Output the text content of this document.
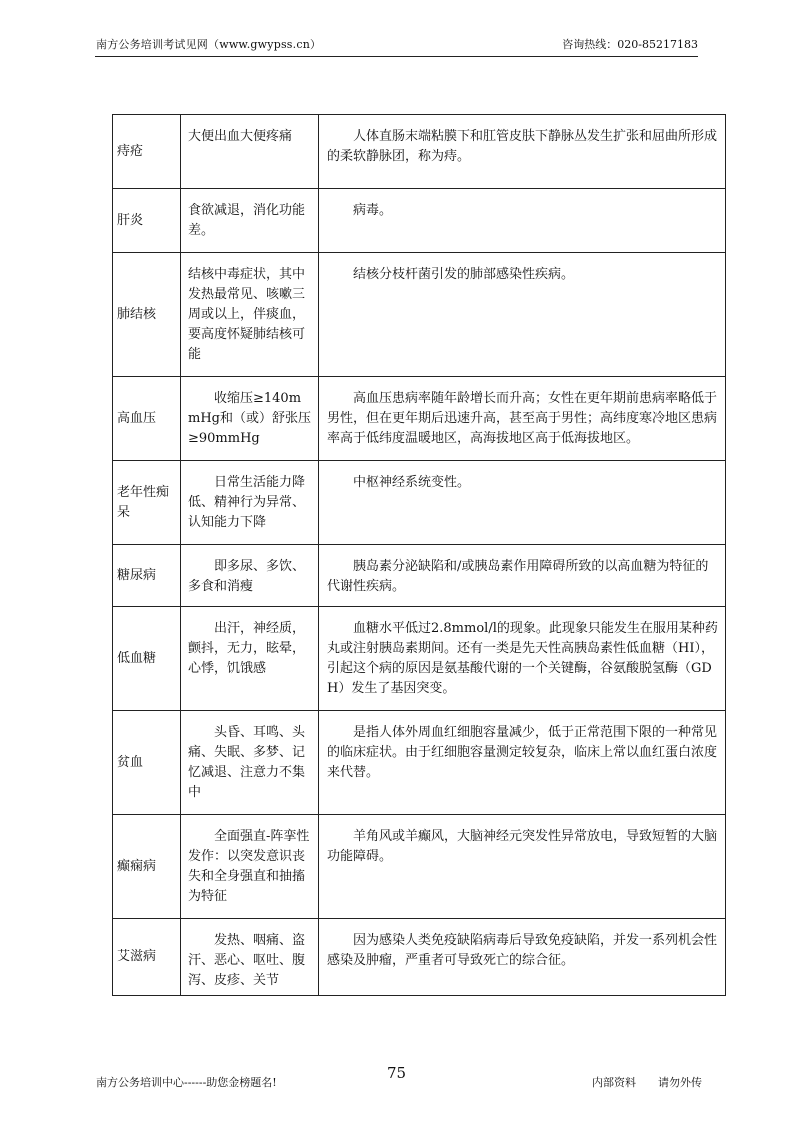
南方公务培训考试见网（www.gwypss.cn）	咨询热线：020-85217183
痔疮	大便出血大便疼痛	人体直肠末端粘膜下和肛管皮肤下静脉丛发生扩张和屈曲所形成的柔软静脉团，称为痔。
肝炎	食欲减退，消化功能差。	病毒。
肺结核	结核中毒症状，其中发热最常见、咳嗽三周或以上，伴痰血，要高度怀疑肺结核可能	结核分枝杆菌引发的肺部感染性疾病。
高血压	收缩压≥140mmHg和（或）舒张压≥90mmHg	高血压患病率随年龄增长而升高；女性在更年期前患病率略低于男性，但在更年期后迅速升高，甚至高于男性；高纬度寒冷地区患病率高于低纬度温暖地区，高海拔地区高于低海拔地区。
老年性痴呆	日常生活能力降低、精神行为异常、认知能力下降	中枢神经系统变性。
糖尿病	即多尿、多饮、多食和消瘦	胰岛素分泌缺陷和/或胰岛素作用障碍所致的以高血糖为特征的代谢性疾病。
低血糖	出汗，神经质，颤抖，无力，眩晕，心悸，饥饿感	血糖水平低过2.8mmol/l的现象。此现象只能发生在服用某种药丸或注射胰岛素期间。还有一类是先天性高胰岛素性低血糖（HI），引起这个病的原因是氨基酸代谢的一个关键酶，谷氨酸脱氢酶（GDH）发生了基因突变。
贫血	头昏、耳鸣、头痛、失眠、多梦、记忆减退、注意力不集中	是指人体外周血红细胞容量减少，低于正常范围下限的一种常见的临床症状。由于红细胞容量测定较复杂，临床上常以血红蛋白浓度来代替。
癫痫病	全面强直-阵挛性发作：以突发意识丧失和全身强直和抽搐为特征	羊角风或羊癫风，大脑神经元突发性异常放电，导致短暂的大脑功能障碍。
艾滋病	发热、咽痛、盗汗、恶心、呕吐、腹泻、皮疹、关节	因为感染人类免疫缺陷病毒后导致免疫缺陷，并发一系列机会性感染及肿瘤，严重者可导致死亡的综合征。
南方公务培训中心------助您金榜题名!
75
内部资料 请勿外传
